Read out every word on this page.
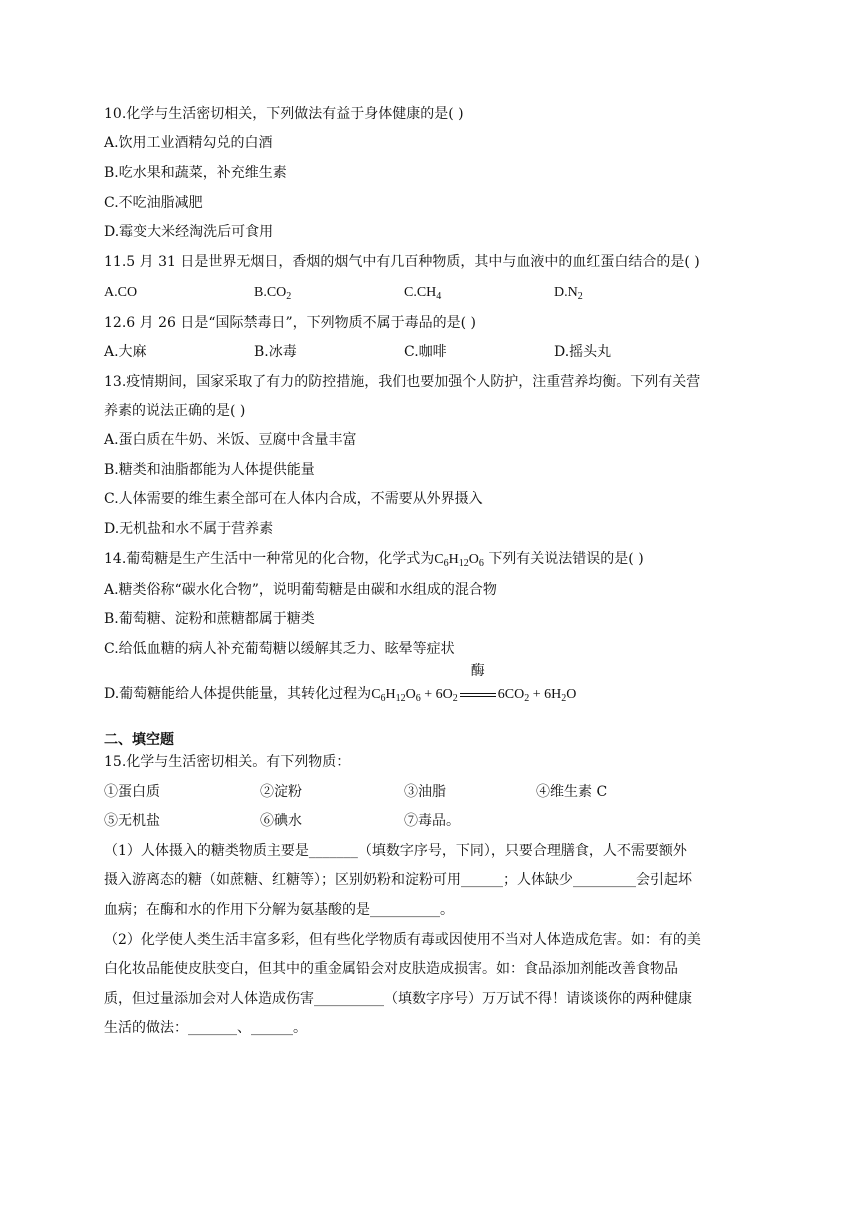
10.化学与生活密切相关，下列做法有益于身体健康的是( )
A.饮用工业酒精勾兑的白酒
B.吃水果和蔬菜，补充维生素
C.不吃油脂减肥
D.霉变大米经淘洗后可食用
11.5 月 31 日是世界无烟日，香烟的烟气中有几百种物质，其中与血液中的血红蛋白结合的是( )
A.CO	$B.CO_2$	$C.CH_4$	$D.N_2$
12.6 月 26 日是“国际禁毒日”，下列物质不属于毒品的是( )
A.大麻	B.冰毒	C.咖啡	D.摇头丸
13.疫情期间，国家采取了有力的防控措施，我们也要加强个人防护，注重营养均衡。下列有关营
养素的说法正确的是( )
A.蛋白质在牛奶、米饭、豆腐中含量丰富
B.糖类和油脂都能为人体提供能量
C.人体需要的维生素全部可在人体内合成，不需要从外界摄入
D.无机盐和水不属于营养素
14.葡萄糖是生产生活中一种常见的化合物，化学式为$C_6H_{12}O_6$ 下列有关说法错误的是( )
A.糖类俗称“碳水化合物”，说明葡萄糖是由碳和水组成的混合物
B.葡萄糖、淀粉和蔗糖都属于糖类
C.给低血糖的病人补充葡萄糖以缓解其乏力、眩晕等症状
D.葡萄糖能给人体提供能量，其转化过程为$C_6H_{12}O_6 + 6O_2$
酶
$6CO_2 + 6H_2O$
二、填空题
15.化学与生活密切相关。有下列物质：
①蛋白质	②淀粉	③油脂	④维生素 C
⑤无机盐	⑥碘水	⑦毒品。
（1）人体摄入的糖类物质主要是_______（填数字序号，下同），只要合理膳食，人不需要额外
摄入游离态的糖（如蔗糖、红糖等）；区别奶粉和淀粉可用______；人体缺少_________会引起坏
血病；在酶和水的作用下分解为氨基酸的是__________。
（2）化学使人类生活丰富多彩，但有些化学物质有毒或因使用不当对人体造成危害。如：有的美
白化妆品能使皮肤变白，但其中的重金属铅会对皮肤造成损害。如：食品添加剂能改善食物品
质，但过量添加会对人体造成伤害__________（填数字序号）万万试不得！请谈谈你的两种健康
生活的做法：_______、______。
